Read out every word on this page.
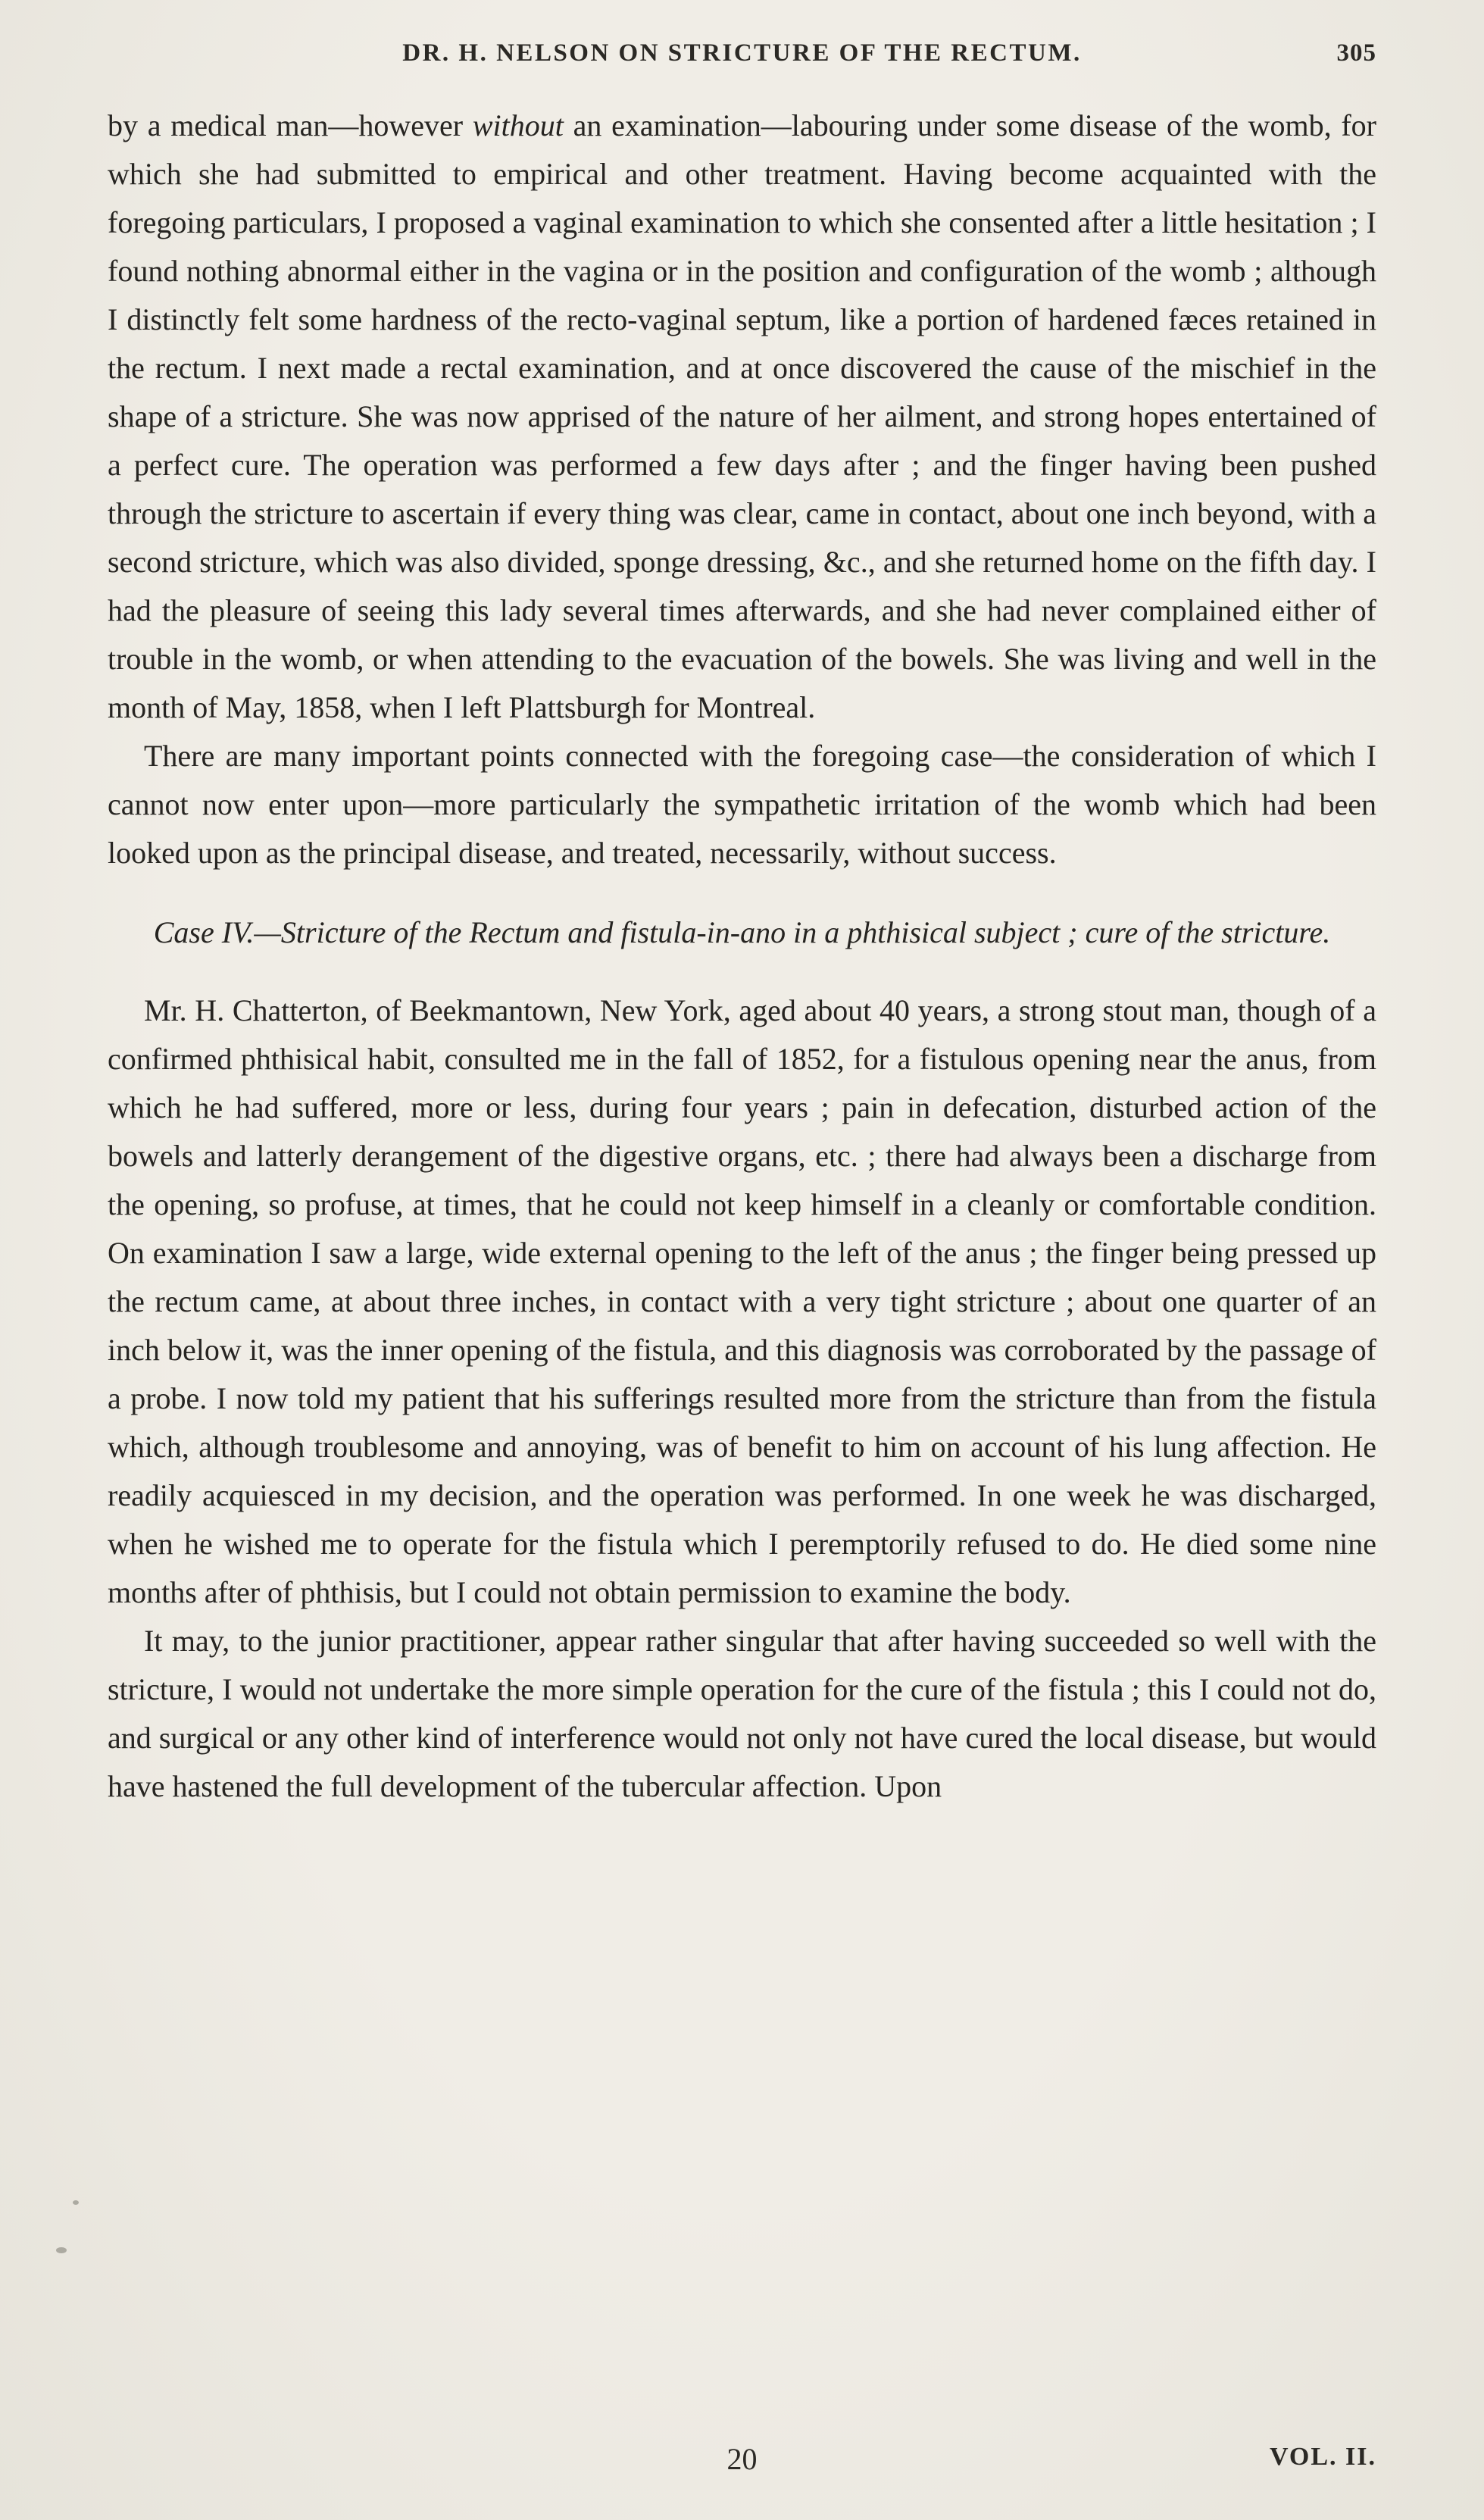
DR. H. NELSON ON STRICTURE OF THE RECTUM.	305

by a medical man—however without an examination—labouring under some disease of the womb, for which she had submitted to empirical and other treatment. Having become acquainted with the foregoing particulars, I proposed a vaginal examination to which she consented after a little hesitation ; I found nothing abnormal either in the vagina or in the position and configuration of the womb ; although I distinctly felt some hardness of the recto-vaginal septum, like a portion of hardened fæces retained in the rectum. I next made a rectal examination, and at once discovered the cause of the mischief in the shape of a stricture. She was now apprised of the nature of her ailment, and strong hopes entertained of a perfect cure. The operation was performed a few days after ; and the finger having been pushed through the stricture to ascertain if every thing was clear, came in contact, about one inch beyond, with a second stricture, which was also divided, sponge dressing, &c., and she returned home on the fifth day. I had the pleasure of seeing this lady several times afterwards, and she had never complained either of trouble in the womb, or when attending to the evacuation of the bowels. She was living and well in the month of May, 1858, when I left Plattsburgh for Montreal.

There are many important points connected with the foregoing case—the consideration of which I cannot now enter upon—more particularly the sympathetic irritation of the womb which had been looked upon as the principal disease, and treated, necessarily, without success.

Case IV.—Stricture of the Rectum and fistula-in-ano in a phthisical subject ; cure of the stricture.

Mr. H. Chatterton, of Beekmantown, New York, aged about 40 years, a strong stout man, though of a confirmed phthisical habit, consulted me in the fall of 1852, for a fistulous opening near the anus, from which he had suffered, more or less, during four years ; pain in defecation, disturbed action of the bowels and latterly derangement of the digestive organs, etc. ; there had always been a discharge from the opening, so profuse, at times, that he could not keep himself in a cleanly or comfortable condition. On examination I saw a large, wide external opening to the left of the anus ; the finger being pressed up the rectum came, at about three inches, in contact with a very tight stricture ; about one quarter of an inch below it, was the inner opening of the fistula, and this diagnosis was corroborated by the passage of a probe. I now told my patient that his sufferings resulted more from the stricture than from the fistula which, although troublesome and annoying, was of benefit to him on account of his lung affection. He readily acquiesced in my decision, and the operation was performed. In one week he was discharged, when he wished me to operate for the fistula which I peremptorily refused to do. He died some nine months after of phthisis, but I could not obtain permission to examine the body.

It may, to the junior practitioner, appear rather singular that after having succeeded so well with the stricture, I would not undertake the more simple operation for the cure of the fistula ; this I could not do, and surgical or any other kind of interference would not only not have cured the local disease, but would have hastened the full development of the tubercular affection. Upon

20	VOL. II.
